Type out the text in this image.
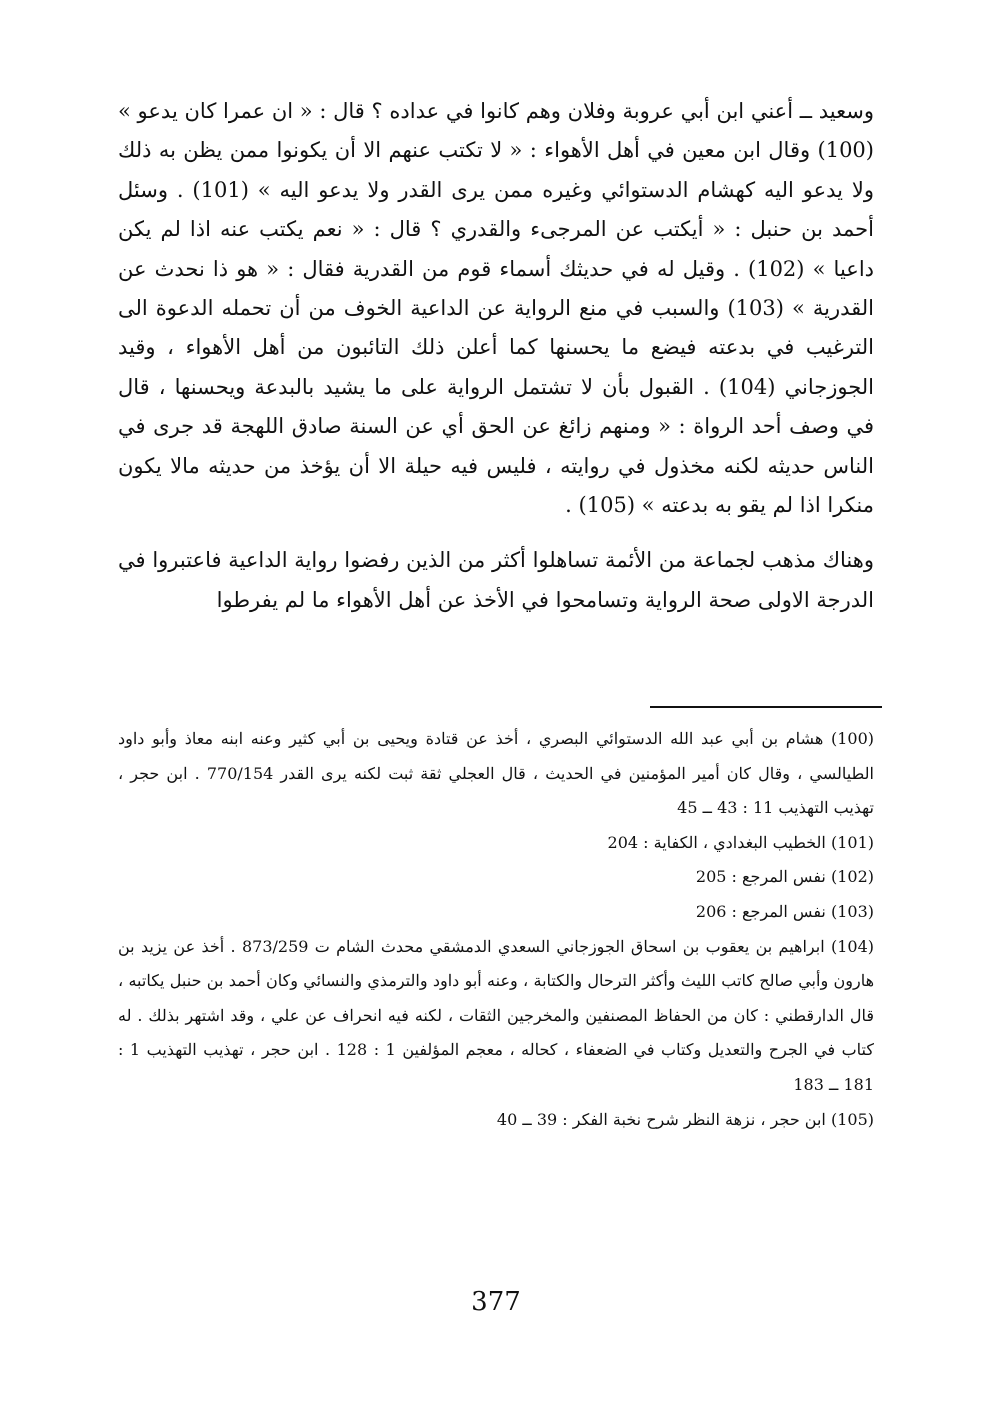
وسعيد ــ أعني ابن أبي عروبة وفلان وهم كانوا في عداده ؟ قال : « ان عمرا كان يدعو » (100) وقال ابن معين في أهل الأهواء : « لا تكتب عنهم الا أن يكونوا ممن يظن به ذلك ولا يدعو اليه كهشام الدستوائي وغيره ممن يرى القدر ولا يدعو اليه » (101) . وسئل أحمد بن حنبل : « أيكتب عن المرجىء والقدري ؟ قال : « نعم يكتب عنه اذا لم يكن داعيا » (102) . وقيل له في حديثك أسماء قوم من القدرية فقال : « هو ذا نحدث عن القدرية » (103) والسبب في منع الرواية عن الداعية الخوف من أن تحمله الدعوة الى الترغيب في بدعته فيضع ما يحسنها كما أعلن ذلك التائبون من أهل الأهواء ، وقيد الجوزجاني (104) . القبول بأن لا تشتمل الرواية على ما يشيد بالبدعة ويحسنها ، قال في وصف أحد الرواة : « ومنهم زائغ عن الحق أي عن السنة صادق اللهجة قد جرى في الناس حديثه لكنه مخذول في روايته ، فليس فيه حيلة الا أن يؤخذ من حديثه مالا يكون منكرا اذا لم يقو به بدعته » (105) .

وهناك مذهب لجماعة من الأئمة تساهلوا أكثر من الذين رفضوا رواية الداعية فاعتبروا في الدرجة الاولى صحة الرواية وتسامحوا في الأخذ عن أهل الأهواء ما لم يفرطوا

(100) هشام بن أبي عبد الله الدستوائي البصري ، أخذ عن قتادة ويحيى بن أبي كثير وعنه ابنه معاذ وأبو داود الطيالسي ، وقال كان أمير المؤمنين في الحديث ، قال العجلي ثقة ثبت لكنه يرى القدر 770/154 . ابن حجر ، تهذيب التهذيب 11 : 43 ــ 45

(101) الخطيب البغدادي ، الكفاية : 204

(102) نفس المرجع : 205

(103) نفس المرجع : 206

(104) ابراهيم بن يعقوب بن اسحاق الجوزجاني السعدي الدمشقي محدث الشام ت 873/259 . أخذ عن يزيد بن هارون وأبي صالح كاتب الليث وأكثر الترحال والكتابة ، وعنه أبو داود والترمذي والنسائي وكان أحمد بن حنبل يكاتبه ، قال الدارقطني : كان من الحفاظ المصنفين والمخرجين الثقات ، لكنه فيه انحراف عن علي ، وقد اشتهر بذلك . له كتاب في الجرح والتعديل وكتاب في الضعفاء ، كحاله ، معجم المؤلفين 1 : 128 . ابن حجر ، تهذيب التهذيب 1 : 181 ــ 183

(105) ابن حجر ، نزهة النظر شرح نخبة الفكر : 39 ــ 40

377
